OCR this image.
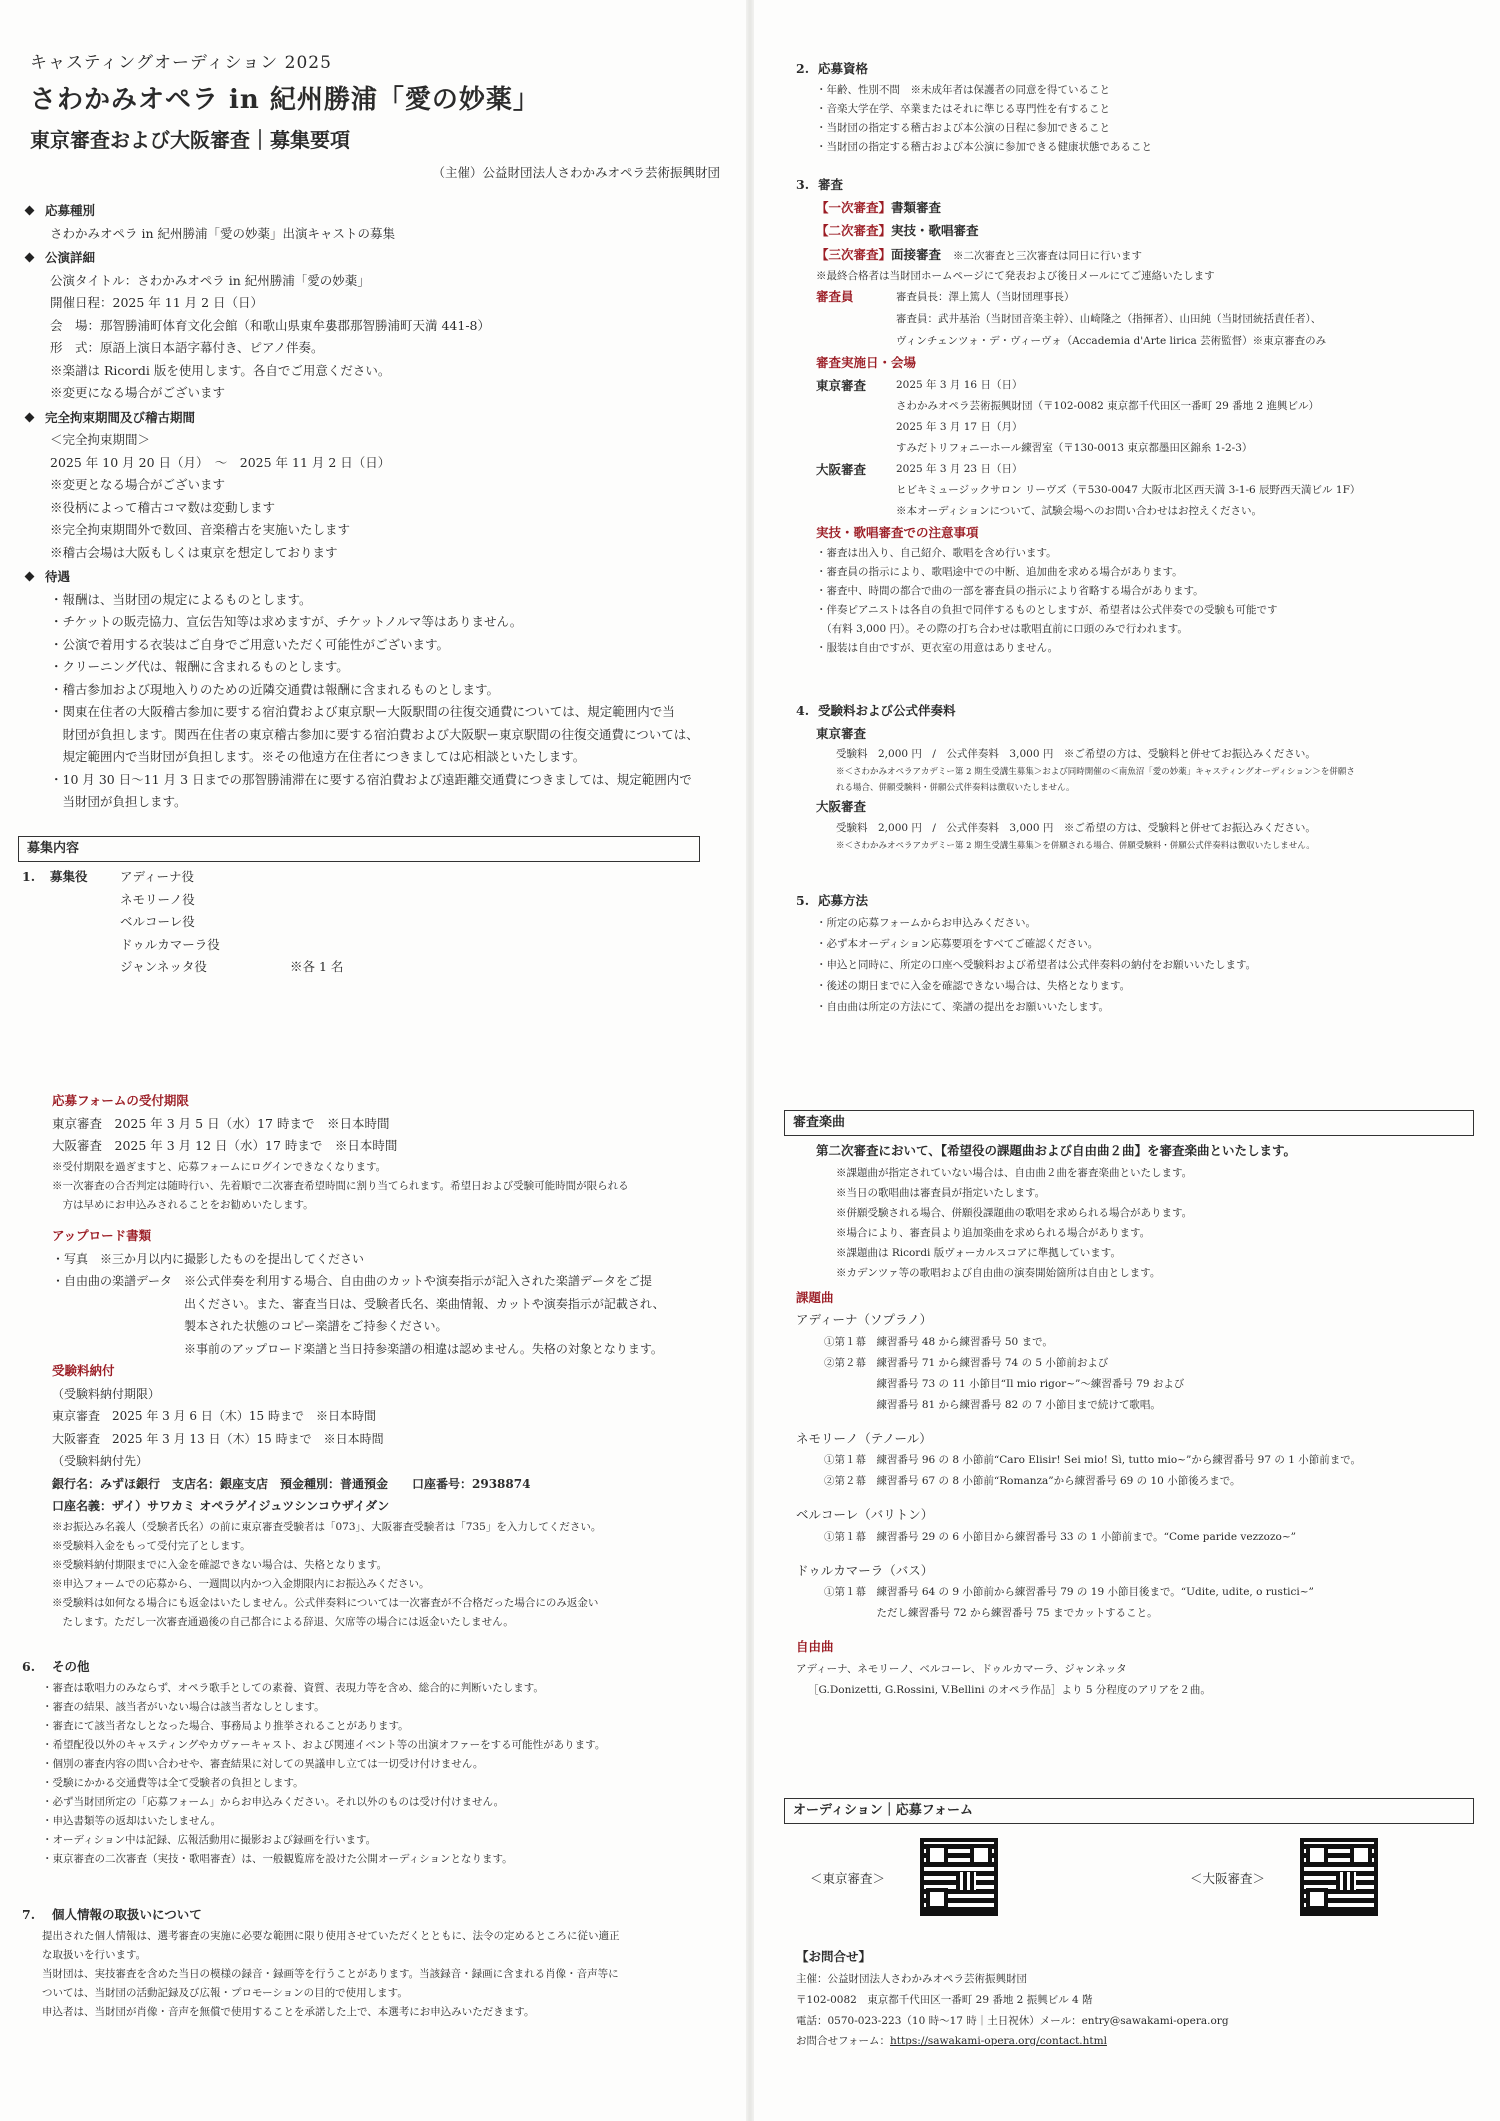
キャスティングオーディション 2025
さわかみオペラ in 紀州勝浦「愛の妙薬」
東京審査および大阪審査｜募集要項
（主催）公益財団法人さわかみオペラ芸術振興財団
応募種別
さわかみオペラ in 紀州勝浦「愛の妙薬」出演キャストの募集
公演詳細
公演タイトル：さわかみオペラ in 紀州勝浦「愛の妙薬」
開催日程：2025 年 11 月 2 日（日）
会　場：那智勝浦町体育文化会館（和歌山県東牟婁郡那智勝浦町天満 441-8）
形　式：原語上演日本語字幕付き、ピアノ伴奏。
※楽譜は Ricordi 版を使用します。各自でご用意ください。
※変更になる場合がございます
完全拘束期間及び稽古期間
＜完全拘束期間＞
2025 年 10 月 20 日（月）　〜　2025 年 11 月 2 日（日）
※変更となる場合がございます
※役柄によって稽古コマ数は変動します
※完全拘束期間外で数回、音楽稽古を実施いたします
※稽古会場は大阪もしくは東京を想定しております
待遇
・報酬は、当財団の規定によるものとします。
・チケットの販売協力、宣伝告知等は求めますが、チケットノルマ等はありません。
・公演で着用する衣装はご自身でご用意いただく可能性がございます。
・クリーニング代は、報酬に含まれるものとします。
・稽古参加および現地入りのための近隣交通費は報酬に含まれるものとします。
・関東在住者の大阪稽古参加に要する宿泊費および東京駅ー大阪駅間の往復交通費については、規定範囲内で当
　財団が負担します。関西在住者の東京稽古参加に要する宿泊費および大阪駅ー東京駅間の往復交通費については、
　規定範囲内で当財団が負担します。※その他遠方在住者につきましては応相談といたします。
・10 月 30 日〜11 月 3 日までの那智勝浦滞在に要する宿泊費および遠距離交通費につきましては、規定範囲内で
　当財団が負担します。
募集内容
1.	募集役	アディーナ役
ネモリーノ役
ベルコーレ役
ドゥルカマーラ役
ジャンネッタ役	※各 1 名
応募フォームの受付期限
東京審査　2025 年 3 月 5 日（水）17 時まで　※日本時間
大阪審査　2025 年 3 月 12 日（水）17 時まで　※日本時間
※受付期限を過ぎますと、応募フォームにログインできなくなります。
※一次審査の合否判定は随時行い、先着順で二次審査希望時間に割り当てられます。希望日および受験可能時間が限られる
　方は早めにお申込みされることをお勧めいたします。
アップロード書類
・写真　※三か月以内に撮影したものを提出してください
・自由曲の楽譜データ　※公式伴奏を利用する場合、自由曲のカットや演奏指示が記入された楽譜データをご提
　　　　　　　　　　　出ください。また、審査当日は、受験者氏名、楽曲情報、カットや演奏指示が記載され、
　　　　　　　　　　　製本された状態のコピー楽譜をご持参ください。
　　　　　　　　　　　※事前のアップロード楽譜と当日持参楽譜の相違は認めません。失格の対象となります。
受験料納付
（受験料納付期限）
東京審査　2025 年 3 月 6 日（木）15 時まで　※日本時間
大阪審査　2025 年 3 月 13 日（木）15 時まで　※日本時間
（受験料納付先）
銀行名：みずほ銀行　支店名：銀座支店　預金種別：普通預金　　口座番号：2938874
口座名義：ザイ）サワカミ オペラゲイジュツシンコウザイダン
※お振込み名義人（受験者氏名）の前に東京審査受験者は「073」、大阪審査受験者は「735」を入力してください。
※受験料入金をもって受付完了とします。
※受験料納付期限までに入金を確認できない場合は、失格となります。
※申込フォームでの応募から、一週間以内かつ入金期限内にお振込みください。
※受験料は如何なる場合にも返金はいたしません。公式伴奏料については一次審査が不合格だった場合にのみ返金い
　たします。ただし一次審査通過後の自己都合による辞退、欠席等の場合には返金いたしません。
6. その他
・審査は歌唱力のみならず、オペラ歌手としての素養、資質、表現力等を含め、総合的に判断いたします。
・審査の結果、該当者がいない場合は該当者なしとします。
・審査にて該当者なしとなった場合、事務局より推挙されることがあります。
・希望配役以外のキャスティングやカヴァーキャスト、および関連イベント等の出演オファーをする可能性があります。
・個別の審査内容の問い合わせや、審査結果に対しての異議申し立ては一切受け付けません。
・受験にかかる交通費等は全て受験者の負担とします。
・必ず当財団所定の「応募フォーム」からお申込みください。それ以外のものは受け付けません。
・申込書類等の返却はいたしません。
・オーディション中は記録、広報活動用に撮影および録画を行います。
・東京審査の二次審査（実技・歌唱審査）は、一般観覧席を設けた公開オーディションとなります。
7. 個人情報の取扱いについて
提出された個人情報は、選考審査の実施に必要な範囲に限り使用させていただくとともに、法令の定めるところに従い適正
な取扱いを行います。
当財団は、実技審査を含めた当日の模様の録音・録画等を行うことがあります。当該録音・録画に含まれる肖像・音声等に
ついては、当財団の活動記録及び広報・プロモーションの目的で使用します。
申込者は、当財団が肖像・音声を無償で使用することを承諾した上で、本選考にお申込みいただきます。
2. 応募資格
・年齢、性別不問　※未成年者は保護者の同意を得ていること
・音楽大学在学、卒業またはそれに準じる専門性を有すること
・当財団の指定する稽古および本公演の日程に参加できること
・当財団の指定する稽古および本公演に参加できる健康状態であること
3. 審査
【一次審査】書類審査
【二次審査】実技・歌唱審査
【三次審査】面接審査 ※二次審査と三次審査は同日に行います
※最終合格者は当財団ホームページにて発表および後日メールにてご連絡いたします
審査員	審査員長：澤上篤人（当財団理事長）
審査員：武井基治（当財団音楽主幹）、山崎隆之（指揮者）、山田純（当財団統括責任者）、
ヴィンチェンツォ・デ・ヴィーヴォ（Accademia d'Arte lirica 芸術監督）※東京審査のみ
審査実施日・会場
東京審査	2025 年 3 月 16 日（日）
さわかみオペラ芸術振興財団（〒102-0082 東京都千代田区一番町 29 番地 2 進興ビル）
2025 年 3 月 17 日（月）
すみだトリフォニーホール練習室（〒130-0013 東京都墨田区錦糸 1-2-3）
大阪審査	2025 年 3 月 23 日（日）
ヒビキミュージックサロン リーヴズ（〒530-0047 大阪市北区西天満 3-1-6 辰野西天満ビル 1F）
※本オーディションについて、試験会場へのお問い合わせはお控えください。
実技・歌唱審査での注意事項
・審査は出入り、自己紹介、歌唱を含め行います。
・審査員の指示により、歌唱途中での中断、追加曲を求める場合があります。
・審査中、時間の都合で曲の一部を審査員の指示により省略する場合があります。
・伴奏ピアニストは各自の負担で同伴するものとしますが、希望者は公式伴奏での受験も可能です
　（有料 3,000 円）。その際の打ち合わせは歌唱直前に口頭のみで行われます。
・服装は自由ですが、更衣室の用意はありません。
4. 受験料および公式伴奏料
東京審査
受験料　2,000 円　/　公式伴奏料　3,000 円　※ご希望の方は、受験料と併せてお振込みください。
※＜さわかみオペラアカデミー第 2 期生受講生募集＞および同時開催の＜南魚沼「愛の妙薬」キャスティングオーディション＞を併願さ
れる場合、併願受験料・併願公式伴奏料は徴収いたしません。
大阪審査
受験料　2,000 円　/　公式伴奏料　3,000 円　※ご希望の方は、受験料と併せてお振込みください。
※＜さわかみオペラアカデミー第 2 期生受講生募集＞を併願される場合、併願受験料・併願公式伴奏料は徴収いたしません。
5. 応募方法
・所定の応募フォームからお申込みください。
・必ず本オーディション応募要項をすべてご確認ください。
・申込と同時に、所定の口座へ受験料および希望者は公式伴奏料の納付をお願いいたします。
・後述の期日までに入金を確認できない場合は、失格となります。
・自由曲は所定の方法にて、楽譜の提出をお願いいたします。
審査楽曲
第二次審査において、【希望役の課題曲および自由曲２曲】を審査楽曲といたします。
※課題曲が指定されていない場合は、自由曲２曲を審査楽曲といたします。
※当日の歌唱曲は審査員が指定いたします。
※併願受験される場合、併願役課題曲の歌唱を求められる場合があります。
※場合により、審査員より追加楽曲を求められる場合があります。
※課題曲は Ricordi 版ヴォーカルスコアに準拠しています。
※カデンツァ等の歌唱および自由曲の演奏開始箇所は自由とします。
課題曲
アディーナ（ソプラノ）
①第１幕　練習番号 48 から練習番号 50 まで。
②第２幕　練習番号 71 から練習番号 74 の 5 小節前および
　　　　　練習番号 73 の 11 小節目“Il mio rigor~”〜練習番号 79 および
　　　　　練習番号 81 から練習番号 82 の 7 小節目まで続けて歌唱。
ネモリーノ（テノール）
①第１幕　練習番号 96 の 8 小節前“Caro Elisir! Sei mio! Sì, tutto mio~”から練習番号 97 の 1 小節前まで。
②第２幕　練習番号 67 の 8 小節前“Romanza”から練習番号 69 の 10 小節後ろまで。
ベルコーレ（バリトン）
①第１幕　練習番号 29 の 6 小節目から練習番号 33 の 1 小節前まで。“Come paride vezzozo~”
ドゥルカマーラ（バス）
①第１幕　練習番号 64 の 9 小節前から練習番号 79 の 19 小節目後まで。“Udite, udite, o rustici~”
　　　　　ただし練習番号 72 から練習番号 75 までカットすること。
自由曲
アディーナ、ネモリーノ、ベルコーレ、ドゥルカマーラ、ジャンネッタ
［G.Donizetti, G.Rossini, V.Bellini のオペラ作品］より 5 分程度のアリアを２曲。
オーディション｜応募フォーム
＜東京審査＞	＜大阪審査＞
【お問合せ】
主催：公益財団法人さわかみオペラ芸術振興財団
〒102-0082　東京都千代田区一番町 29 番地 2 振興ビル 4 階
電話：0570-023-223（10 時〜17 時｜土日祝休）メール：entry@sawakami-opera.org
お問合せフォーム：https://sawakami-opera.org/contact.html
